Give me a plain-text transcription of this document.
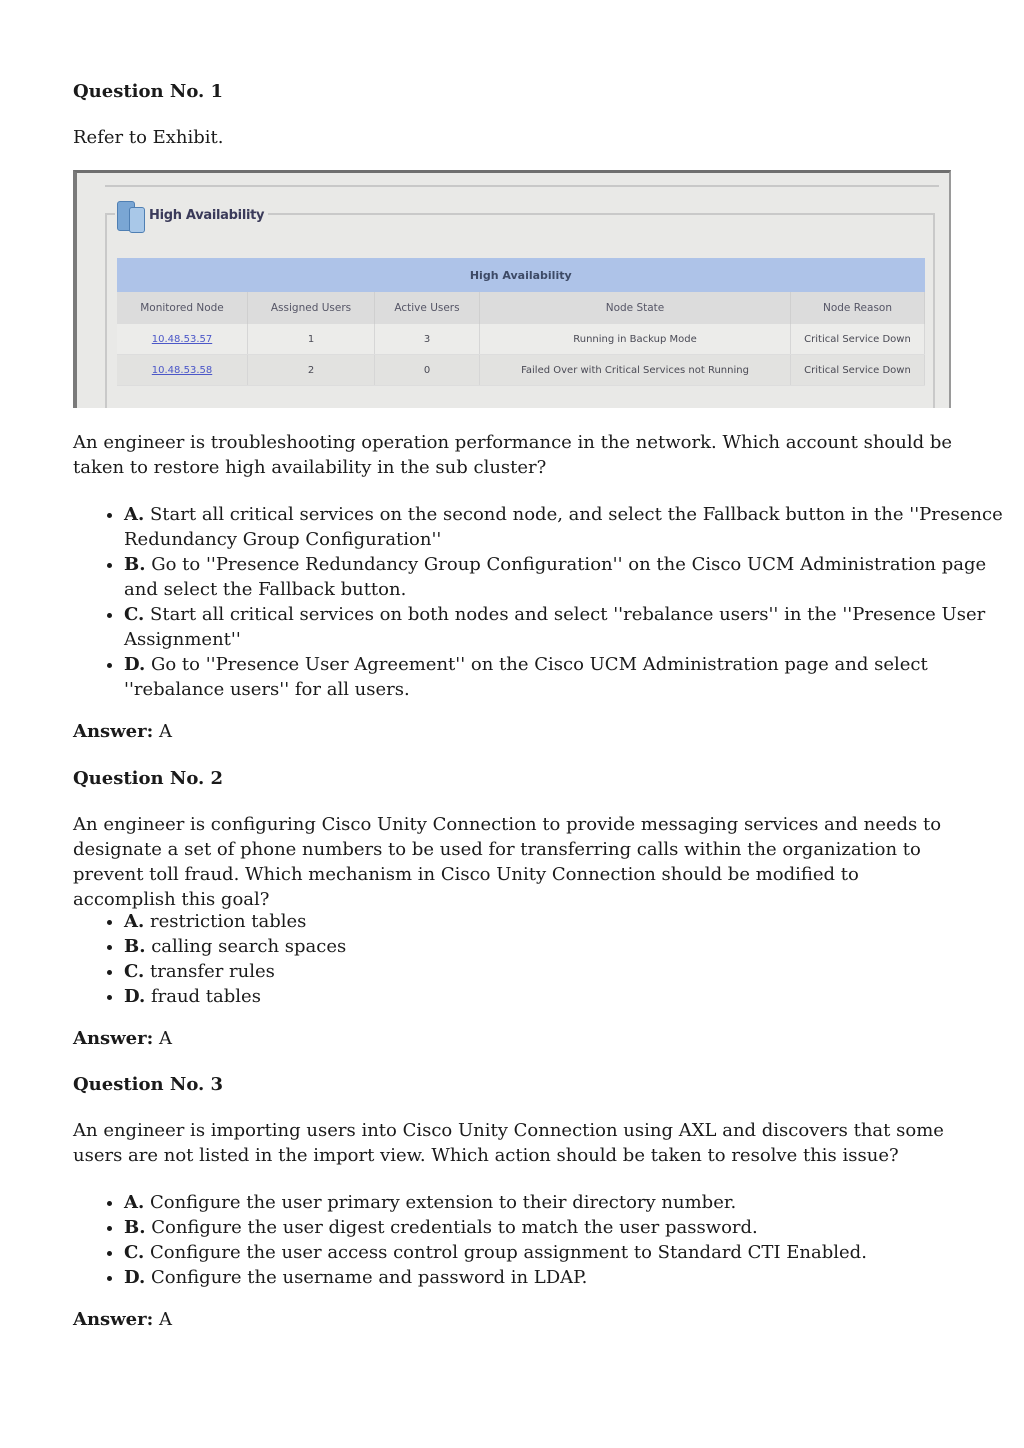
Question No. 1

Refer to Exhibit.

High Availability
High Availability				
Monitored Node	Assigned Users	Active Users	Node State	Node Reason
10.48.53.57	1	3	Running in Backup Mode	Critical Service Down
10.48.53.58	2	0	Failed Over with Critical Services not Running	Critical Service Down

An engineer is troubleshooting operation performance in the network. Which account should be taken to restore high availability in the sub cluster?

• A. Start all critical services on the second node, and select the Fallback button in the ''Presence Redundancy Group Configuration''
• B. Go to ''Presence Redundancy Group Configuration'' on the Cisco UCM Administration page and select the Fallback button.
• C. Start all critical services on both nodes and select ''rebalance users'' in the ''Presence User Assignment''
• D. Go to ''Presence User Agreement'' on the Cisco UCM Administration page and select ''rebalance users'' for all users.

Answer: A

Question No. 2

An engineer is configuring Cisco Unity Connection to provide messaging services and needs to designate a set of phone numbers to be used for transferring calls within the organization to prevent toll fraud. Which mechanism in Cisco Unity Connection should be modified to accomplish this goal?

• A. restriction tables
• B. calling search spaces
• C. transfer rules
• D. fraud tables

Answer: A

Question No. 3

An engineer is importing users into Cisco Unity Connection using AXL and discovers that some users are not listed in the import view. Which action should be taken to resolve this issue?

• A. Configure the user primary extension to their directory number.
• B. Configure the user digest credentials to match the user password.
• C. Configure the user access control group assignment to Standard CTI Enabled.
• D. Configure the username and password in LDAP.

Answer: A
